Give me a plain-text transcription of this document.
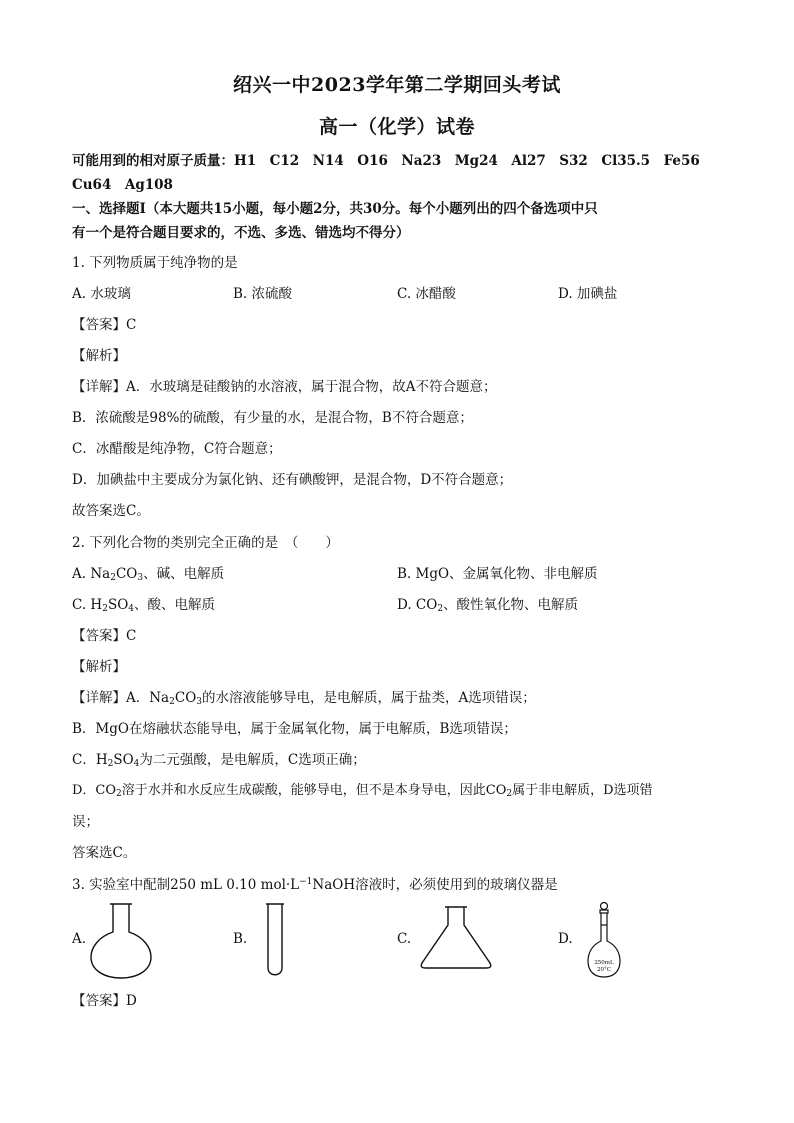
绍兴一中2023学年第二学期回头考试
高一（化学）试卷
可能用到的相对原子质量：H1　C12　N14　O16　Na23　Mg24　Al27　S32　Cl35.5　Fe56
Cu64　Ag108
一、选择题Ⅰ（本大题共15小题，每小题2分，共30分。每个小题列出的四个备选项中只
有一个是符合题目要求的，不选、多选、错选均不得分）
1. 下列物质属于纯净物的是
A. 水玻璃	B. 浓硫酸	C. 冰醋酸	D. 加碘盐
【答案】C
【解析】
【详解】A．水玻璃是硅酸钠的水溶液，属于混合物，故A不符合题意；
B．浓硫酸是98%的硫酸，有少量的水，是混合物，B不符合题意；
C．冰醋酸是纯净物，C符合题意；
D．加碘盐中主要成分为氯化钠、还有碘酸钾，是混合物，D不符合题意；
故答案选C。
2. 下列化合物的类别完全正确的是　（　　）
A. $Na_2CO_3$、碱、电解质	B. MgO、金属氧化物、非电解质
C. $H_2SO_4$、酸、电解质	D. $CO_2$、酸性氧化物、电解质
【答案】C
【解析】
【详解】A．$Na_2CO_3$的水溶液能够导电，是电解质，属于盐类，A选项错误；
B．MgO在熔融状态能导电，属于金属氧化物，属于电解质，B选项错误；
C．$H_2SO_4$为二元强酸，是电解质，C选项正确；
D．$CO_2$溶于水并和水反应生成碳酸，能够导电，但不是本身导电，因此$CO_2$属于非电解质，D选项错
误；
答案选C。
3. 实验室中配制250 mL 0.10 $mol\cdot L^{-1}NaOH$溶液时，必须使用到的玻璃仪器是
A.	B.	C.	D.
250mL
20°C
【答案】D
